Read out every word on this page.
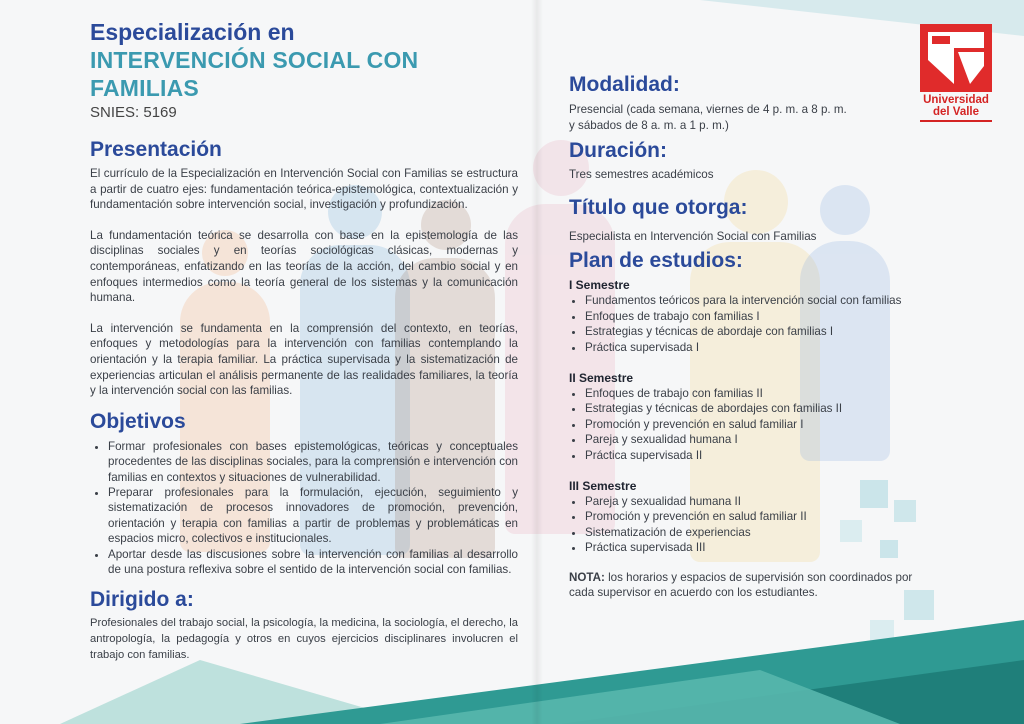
Especialización en
INTERVENCIÓN SOCIAL CON FAMILIAS
SNIES: 5169
Presentación

El currículo de la Especialización en Intervención Social con Familias se estructura a partir de cuatro ejes: fundamentación teórica-epistemológica, contextualización y fundamentación sobre intervención social, investigación y profundización.

La fundamentación teórica se desarrolla con base en la epistemología de las disciplinas sociales y en teorías sociológicas clásicas, modernas y contemporáneas, enfatizando en las teorías de la acción, del cambio social y en enfoques intermedios como la teoría general de los sistemas y la comunicación humana.

La intervención se fundamenta en la comprensión del contexto, en teorías, enfoques y metodologías para la intervención con familias contemplando la orientación y la terapia familiar. La práctica supervisada y la sistematización de experiencias articulan el análisis permanente de las realidades familiares, la teoría y la intervención social con las familias.

Objetivos
• Formar profesionales con bases epistemológicas, teóricas y conceptuales procedentes de las disciplinas sociales, para la comprensión e intervención con familias en contextos y situaciones de vulnerabilidad.
• Preparar profesionales para la formulación, ejecución, seguimiento y sistematización de procesos innovadores de promoción, prevención, orientación y terapia con familias a partir de problemas y problemáticas en espacios micro, colectivos e institucionales.
• Aportar desde las discusiones sobre la intervención con familias al desarrollo de una postura reflexiva sobre el sentido de la intervención social con familias.
Dirigido a:

Profesionales del trabajo social, la psicología, la medicina, la sociología, el derecho, la antropología, la pedagogía y otros en cuyos ejercicios disciplinares involucren el trabajo con familias.

Universidad
del Valle
Modalidad:
Presencial (cada semana, viernes de 4 p. m. a 8 p. m.
y sábados de 8 a. m. a 1 p. m.)
Duración:
Tres semestres académicos
Título que otorga:
Especialista en Intervención Social con Familias
Plan de estudios:
I Semestre
• Fundamentos teóricos para la intervención social con familias
• Enfoques de trabajo con familias I
• Estrategias y técnicas de abordaje con familias I
• Práctica supervisada I
II Semestre
• Enfoques de trabajo con familias II
• Estrategias y técnicas de abordajes con familias II
• Promoción y prevención en salud familiar I
• Pareja y sexualidad humana I
• Práctica supervisada II
III Semestre
• Pareja y sexualidad humana II
• Promoción y prevención en salud familiar II
• Sistematización de experiencias
• Práctica supervisada III
NOTA: los horarios y espacios de supervisión son coordinados por cada supervisor en acuerdo con los estudiantes.
